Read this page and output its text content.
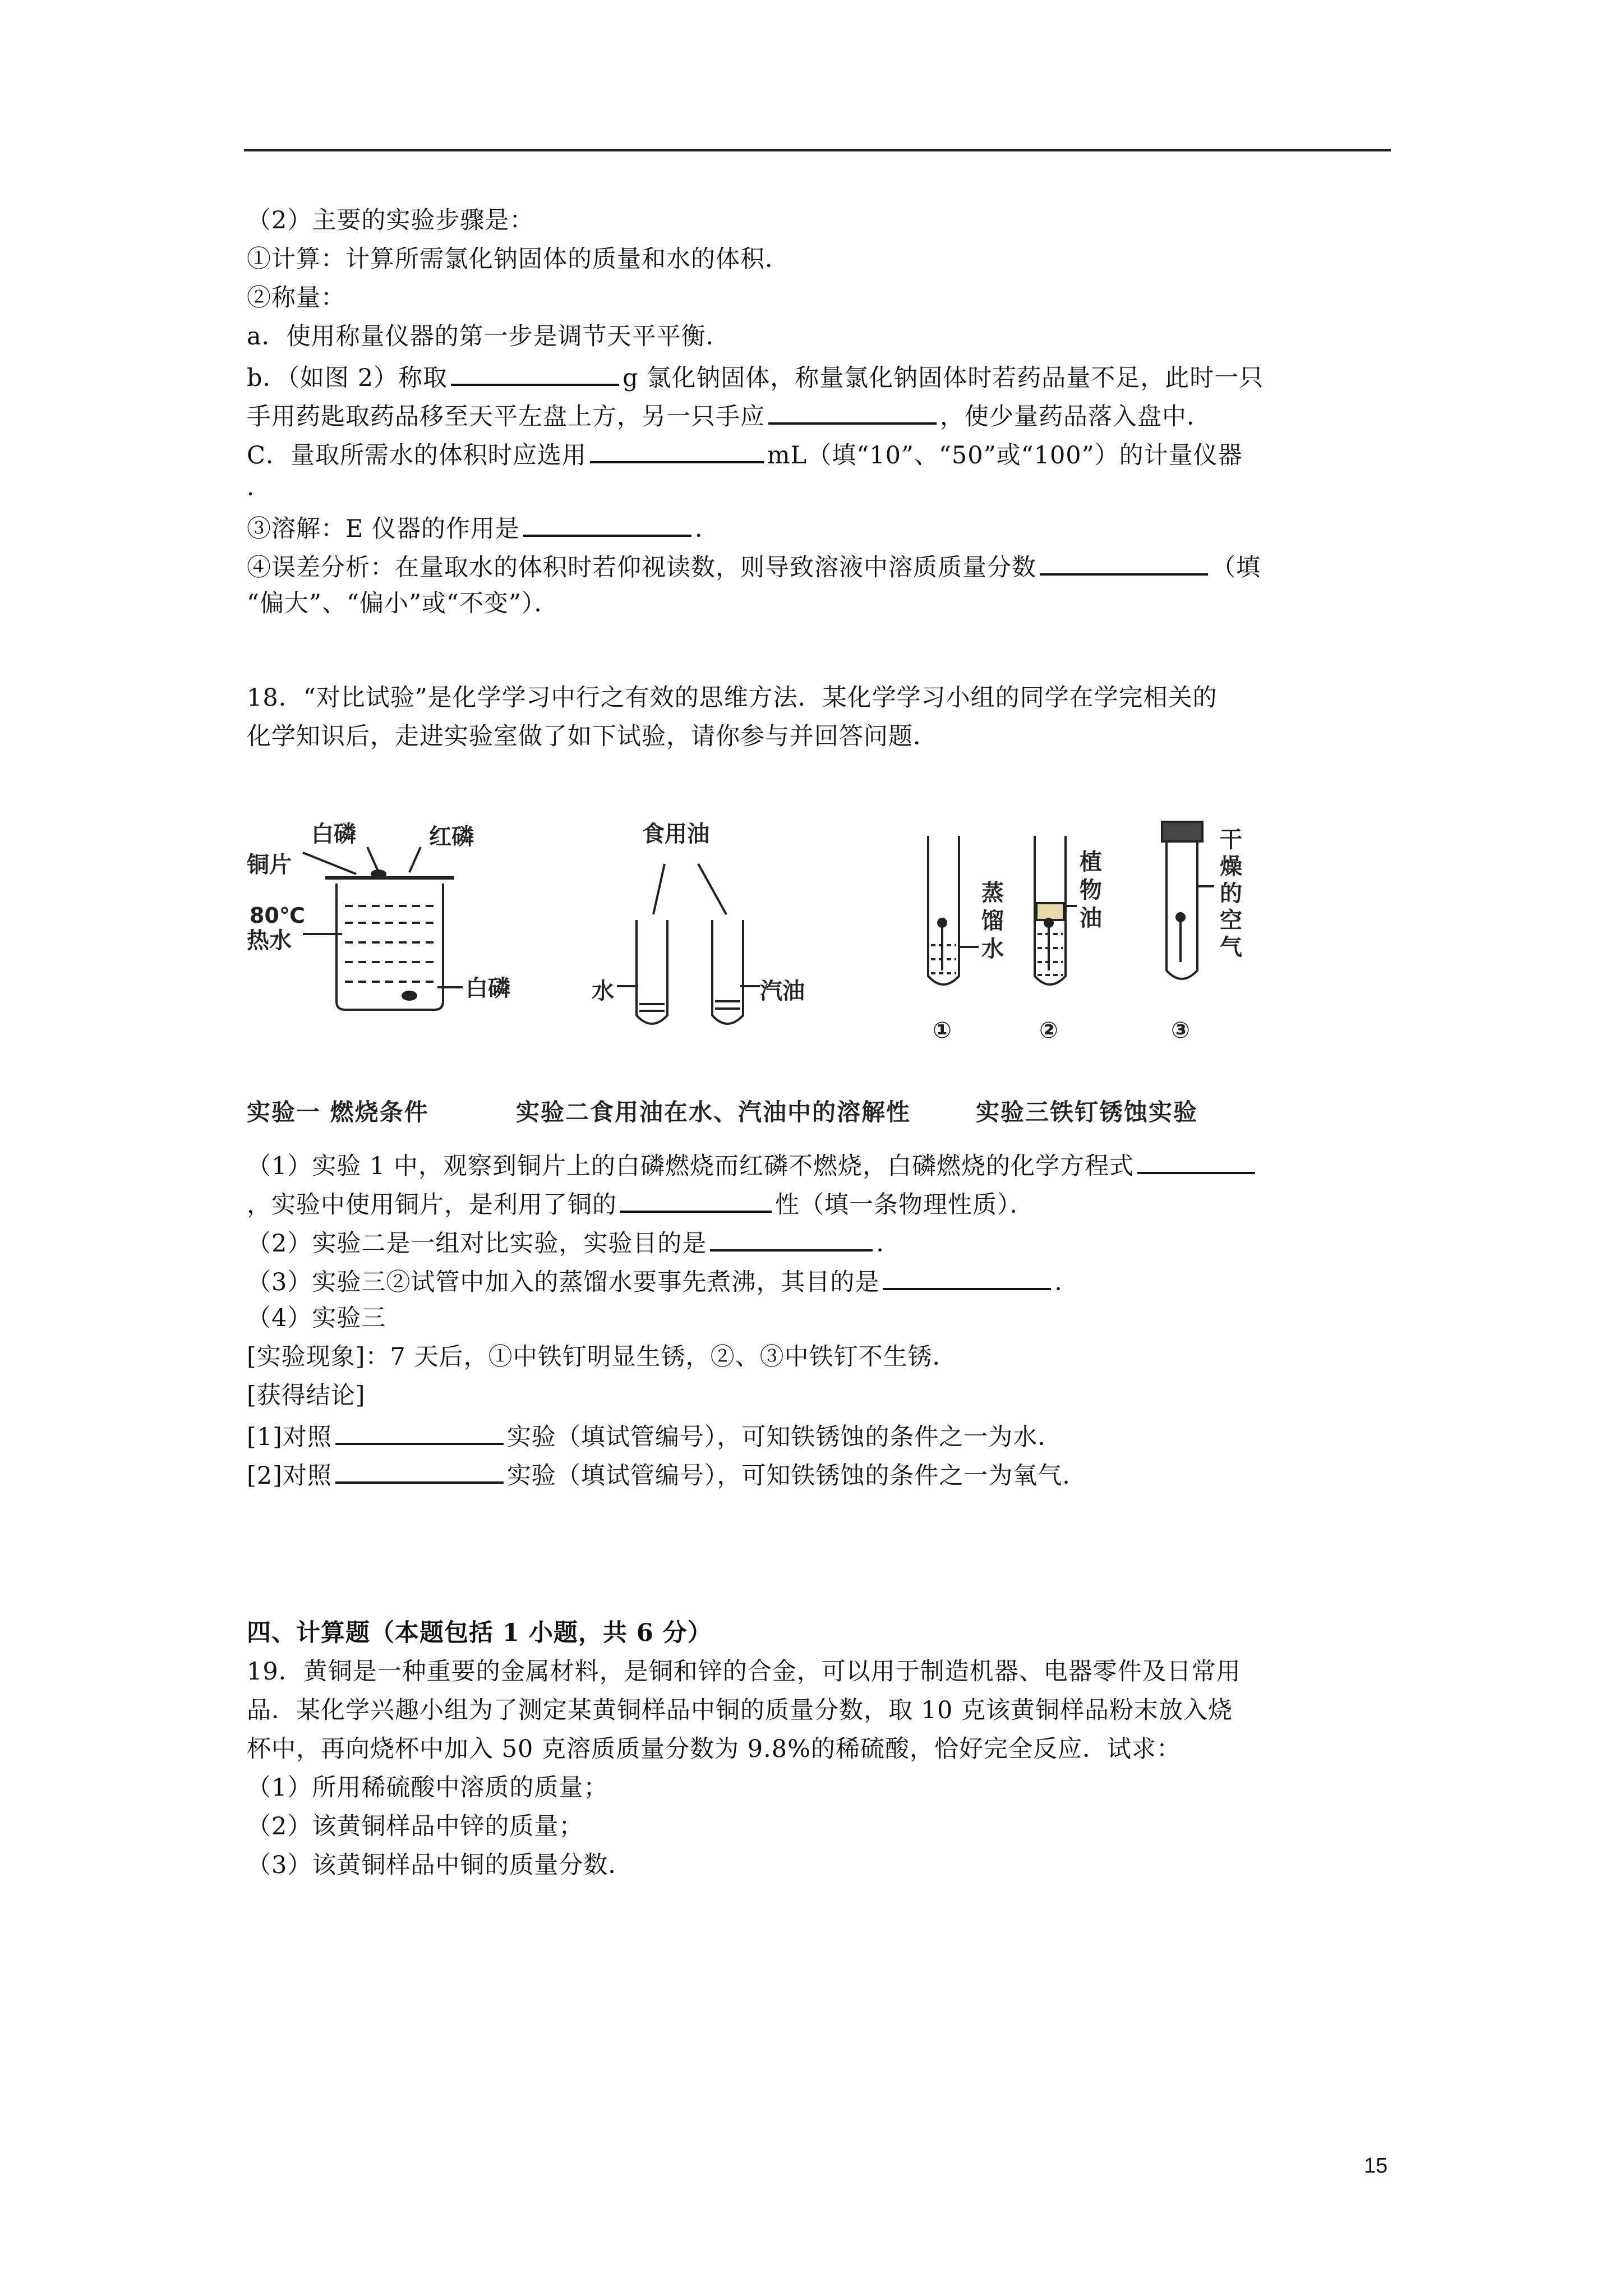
（2）主要的实验步骤是：
①计算：计算所需氯化钠固体的质量和水的体积．
②称量：
a．使用称量仪器的第一步是调节天平平衡．
b．（如图 2）称取	g 氯化钠固体，称量氯化钠固体时若药品量不足，此时一只
手用药匙取药品移至天平左盘上方，另一只手应	，使少量药品落入盘中．
C．量取所需水的体积时应选用	mL（填“10”、“50”或“100”）的计量仪器
．
③溶解：E 仪器的作用是	．
④误差分析：在量取水的体积时若仰视读数，则导致溶液中溶质质量分数	（填
“偏大”、“偏小”或“不变”）．
18．“对比试验”是化学学习中行之有效的思维方法．某化学学习小组的同学在学完相关的
化学知识后，走进实验室做了如下试验，请你参与并回答问题．
白磷	红磷
铜片
80℃
热水
白磷
食用油
水	汽油
蒸
馏
水
植
物
油
干
燥
的
空
气
①	②	③
实验一 燃烧条件	实验二食用油在水、汽油中的溶解性	实验三铁钉锈蚀实验
（1）实验 1 中，观察到铜片上的白磷燃烧而红磷不燃烧，白磷燃烧的化学方程式
，实验中使用铜片，是利用了铜的	性（填一条物理性质）．
（2）实验二是一组对比实验，实验目的是	．
（3）实验三②试管中加入的蒸馏水要事先煮沸，其目的是	．
（4）实验三
[实验现象]：7 天后，①中铁钉明显生锈，②、③中铁钉不生锈．
[获得结论]
[1]对照	实验（填试管编号），可知铁锈蚀的条件之一为水．
[2]对照	实验（填试管编号），可知铁锈蚀的条件之一为氧气．
四、计算题（本题包括 1 小题，共 6 分）
19．黄铜是一种重要的金属材料，是铜和锌的合金，可以用于制造机器、电器零件及日常用
品．某化学兴趣小组为了测定某黄铜样品中铜的质量分数，取 10 克该黄铜样品粉末放入烧
杯中，再向烧杯中加入 50 克溶质质量分数为 9.8%的稀硫酸，恰好完全反应．试求：
（1）所用稀硫酸中溶质的质量；
（2）该黄铜样品中锌的质量；
（3）该黄铜样品中铜的质量分数．
15
